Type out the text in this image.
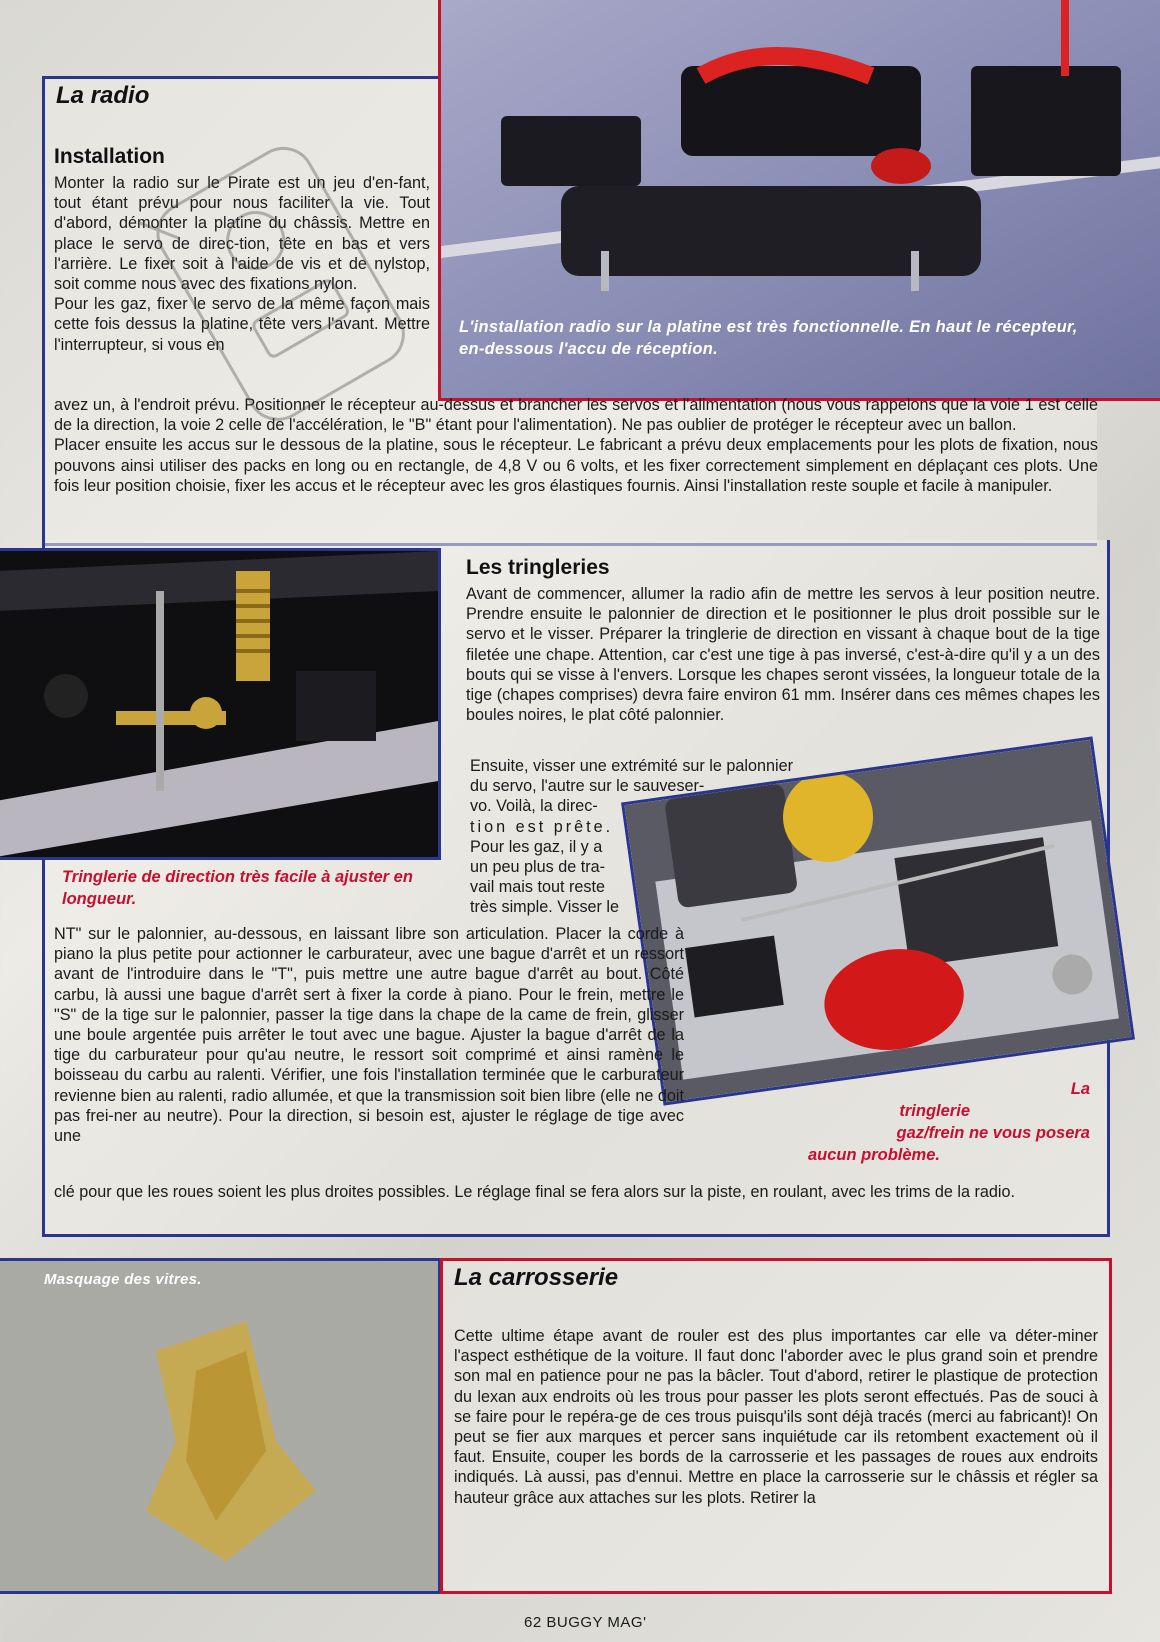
L'installation radio sur la platine est très fonctionnelle. En haut le récepteur, en-dessous l'accu de réception.
La radio
Installation

Monter la radio sur le Pirate est un jeu d'en-fant, tout étant prévu pour nous faciliter la vie. Tout d'abord, démonter la platine du châssis. Mettre en place le servo de direc-tion, tête en bas et vers l'arrière. Le fixer soit à l'aide de vis et de nylstop, soit comme nous avec des fixations nylon.

Pour les gaz, fixer le servo de la même façon mais cette fois dessus la platine, tête vers l'avant. Mettre l'interrupteur, si vous en

avez un, à l'endroit prévu. Positionner le récepteur au-dessus et brancher les servos et l'alimentation (nous vous rappelons que la voie 1 est celle de la direction, la voie 2 celle de l'accélération, le "B" étant pour l'alimentation). Ne pas oublier de protéger le récepteur avec un ballon.

Placer ensuite les accus sur le dessous de la platine, sous le récepteur. Le fabricant a prévu deux emplacements pour les plots de fixation, nous pouvons ainsi utiliser des packs en long ou en rectangle, de 4,8 V ou 6 volts, et les fixer correctement simplement en déplaçant ces plots. Une fois leur position choisie, fixer les accus et le récepteur avec les gros élastiques fournis. Ainsi l'installation reste souple et facile à manipuler.

Tringlerie de direction très facile à ajuster en longueur.
Les tringleries

Avant de commencer, allumer la radio afin de mettre les servos à leur position neutre. Prendre ensuite le palonnier de direction et le positionner le plus droit possible sur le servo et le visser. Préparer la tringlerie de direction en vissant à chaque bout de la tige filetée une chape. Attention, car c'est une tige à pas inversé, c'est-à-dire qu'il y a un des bouts qui se visse à l'envers. Lorsque les chapes seront vissées, la longueur totale de la tige (chapes comprises) devra faire environ 61 mm. Insérer dans ces mêmes chapes les boules noires, le plat côté palonnier.

Ensuite, visser une extrémité sur le palonnier
du servo, l'autre sur le sauveser-
vo. Voilà, la direc-
tion est prête.
Pour les gaz, il y a
un peu plus de tra-
vail mais tout reste
très simple. Visser le
La
tringlerie
gaz/frein ne vous posera
aucun problème.

NT" sur le palonnier, au-dessous, en laissant libre son articulation. Placer la corde à piano la plus petite pour actionner le carburateur, avec une bague d'arrêt et un ressort avant de l'introduire dans le "T", puis mettre une autre bague d'arrêt au bout. Côté carbu, là aussi une bague d'arrêt sert à fixer la corde à piano. Pour le frein, mettre le "S" de la tige sur le palonnier, passer la tige dans la chape de la came de frein, glisser une boule argentée puis arrêter le tout avec une bague. Ajuster la bague d'arrêt de la tige du carburateur pour qu'au neutre, le ressort soit comprimé et ainsi ramène le boisseau du carbu au ralenti. Vérifier, une fois l'installation terminée que le carburateur revienne bien au ralenti, radio allumée, et que la transmission soit bien libre (elle ne doit pas frei-ner au neutre). Pour la direction, si besoin est, ajuster le réglage de tige avec une

clé pour que les roues soient les plus droites possibles. Le réglage final se fera alors sur la piste, en roulant, avec les trims de la radio.

Masquage des vitres.	La carrosserie

Cette ultime étape avant de rouler est des plus importantes car elle va déter-miner l'aspect esthétique de la voiture. Il faut donc l'aborder avec le plus grand soin et prendre son mal en patience pour ne pas la bâcler. Tout d'abord, retirer le plastique de protection du lexan aux endroits où les trous pour passer les plots seront effectués. Pas de souci à se faire pour le repéra-ge de ces trous puisqu'ils sont déjà tracés (merci au fabricant)! On peut se fier aux marques et percer sans inquiétude car ils retombent exactement où il faut. Ensuite, couper les bords de la carrosserie et les passages de roues aux endroits indiqués. Là aussi, pas d'ennui. Mettre en place la carrosserie sur le châssis et régler sa hauteur grâce aux attaches sur les plots. Retirer la

62 BUGGY MAG'
